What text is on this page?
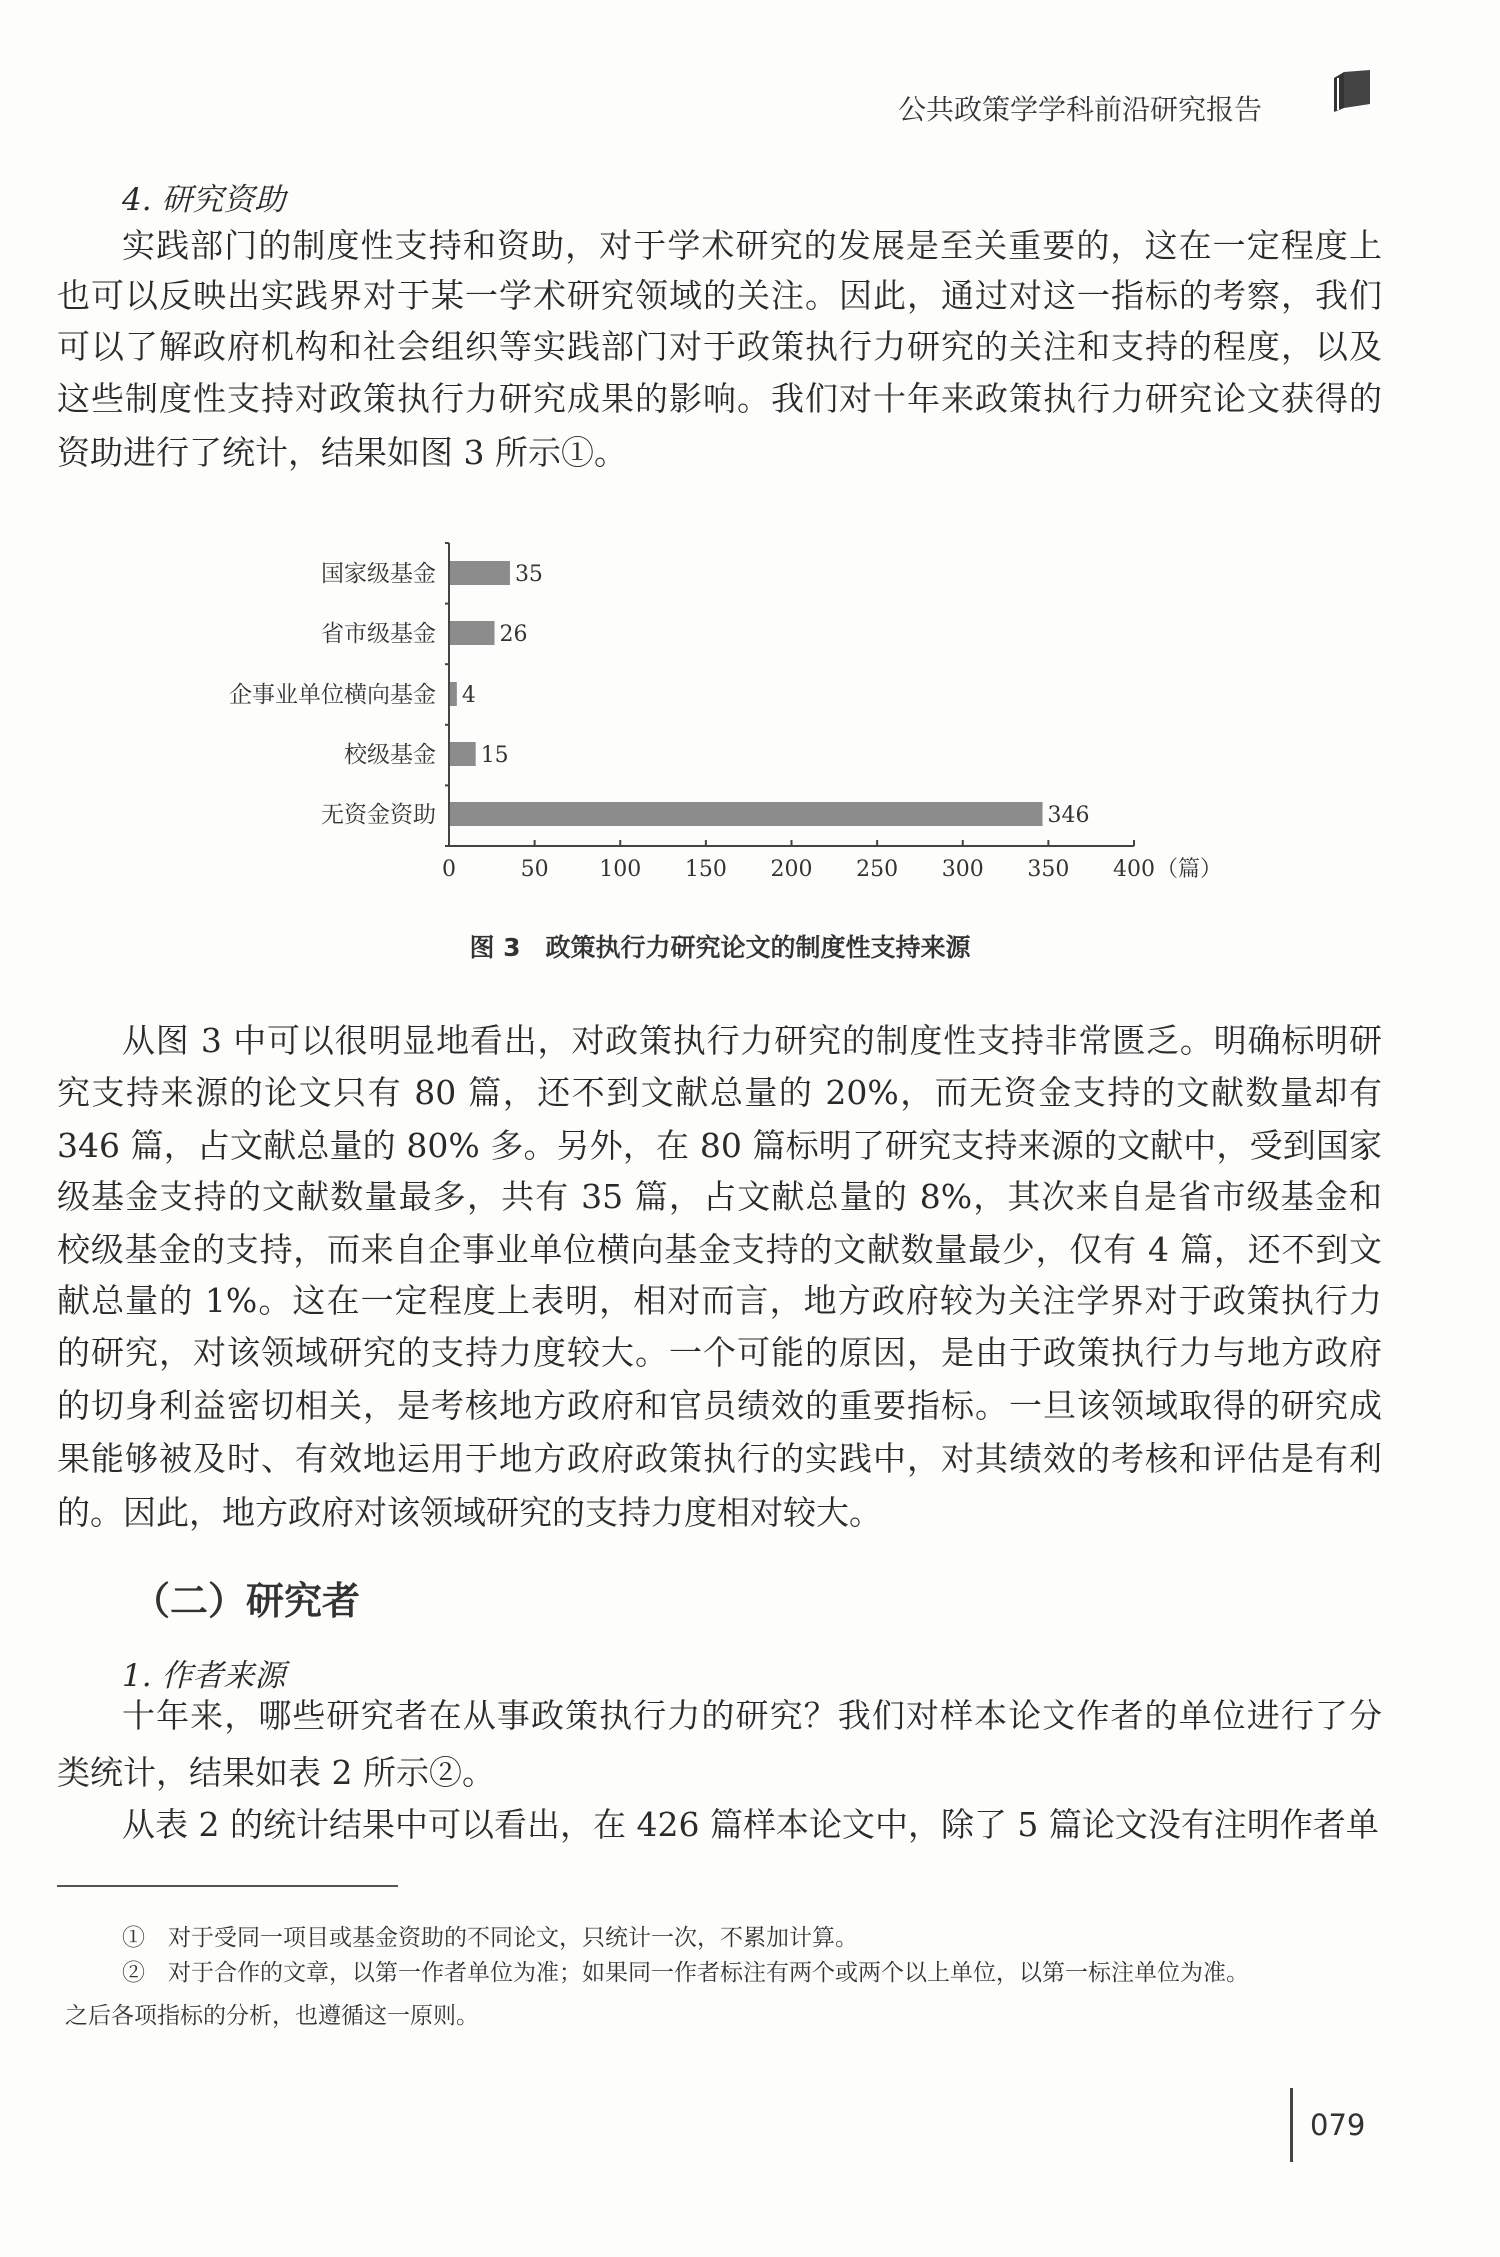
公共政策学学科前沿研究报告
4. 研究资助
实践部门的制度性支持和资助，对于学术研究的发展是至关重要的，这在一定程度上
也可以反映出实践界对于某一学术研究领域的关注。因此，通过对这一指标的考察，我们
可以了解政府机构和社会组织等实践部门对于政策执行力研究的关注和支持的程度，以及
这些制度性支持对政策执行力研究成果的影响。我们对十年来政策执行力研究论文获得的
资助进行了统计，结果如图 3 所示①。
0	50 100 150 200 250 300 350 400 （篇）
35
国家级基金
26
省市级基金
4
企事业单位横向基金
15
校级基金
346
无资金资助
图 3　政策执行力研究论文的制度性支持来源
从图 3 中可以很明显地看出，对政策执行力研究的制度性支持非常匮乏。明确标明研
究支持来源的论文只有 80 篇，还不到文献总量的 20%，而无资金支持的文献数量却有
346 篇，占文献总量的 80% 多。另外，在 80 篇标明了研究支持来源的文献中，受到国家
级基金支持的文献数量最多，共有 35 篇，占文献总量的 8%，其次来自是省市级基金和
校级基金的支持，而来自企事业单位横向基金支持的文献数量最少，仅有 4 篇，还不到文
献总量的 1%。这在一定程度上表明，相对而言，地方政府较为关注学界对于政策执行力
的研究，对该领域研究的支持力度较大。一个可能的原因，是由于政策执行力与地方政府
的切身利益密切相关，是考核地方政府和官员绩效的重要指标。一旦该领域取得的研究成
果能够被及时、有效地运用于地方政府政策执行的实践中，对其绩效的考核和评估是有利
的。因此，地方政府对该领域研究的支持力度相对较大。
（二）研究者
1. 作者来源
十年来，哪些研究者在从事政策执行力的研究？我们对样本论文作者的单位进行了分
类统计，结果如表 2 所示②。
从表 2 的统计结果中可以看出，在 426 篇样本论文中，除了 5 篇论文没有注明作者单
①　对于受同一项目或基金资助的不同论文，只统计一次，不累加计算。
②　对于合作的文章，以第一作者单位为准；如果同一作者标注有两个或两个以上单位，以第一标注单位为准。
之后各项指标的分析，也遵循这一原则。
079
